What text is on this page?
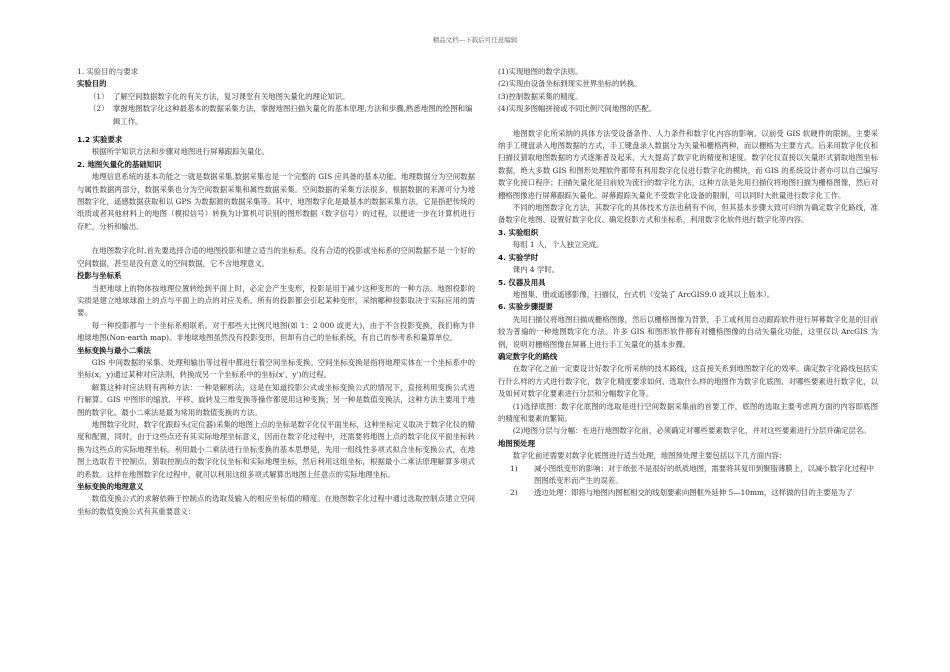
精品文档---下载后可任意编辑

1. 实验目的与要求

实验目的

（1） 了解空间数据数字化的有关方法，复习课堂有关地图矢量化的理论知识。
（2） 掌握地图数字化这种最基本的数据采集方法，掌握地图扫描矢量化的基本原理,方法和步骤,熟悉地图的绘图和编辑工作。

1.2 实验要求

根据所学知识方法和步骤对地图进行屏幕跟踪矢量化。

2. 地图矢量化的基础知识

地理信息系统的基本功能之一就是数据采集,数据采集也是一个完整的 GIS 应具备的基本功能。地理数据分为空间数据与属性数据两部分，数据采集也分为空间数据采集和属性数据采集。空间数据的采集方法很多，根据数据的来源可分为地图数字化，遥感数据获取和以 GPS 为数据源的数据采集等。其中，地图数字化是最基本的数据采集方法，它是指把传统的纸质或者其他材料上的地图（模拟信号）转换为计算机可识别的图形数据（数字信号）的过程，以便进一步在计算机进行存贮，分析和输出。

在地图数字化时,首先要选择合适的地图投影和建立适当的坐标系。没有合适的投影或坐标系的空间数据不是一个好的空间数据，甚至是没有意义的空间数据，它不含地理意义。

投影与坐标系

当把地球上的物体按地理位置转绘到平面上时，必定会产生变形，投影是用于减少这种变形的一种方法。地图投影的实质是建立地球球面上的点与平面上的点的对应关系。所有的投影都会引起某种变形，采纳哪种投影取决于实际应用的需要。

每一种投影都与一个坐标系相联系。对于那些大比例尺地图(如 1：2 000 或更大)，由于不含投影变换，我们称为非地球地图(Non-earth map)。非地球地图虽然没有投影变形，但却有自己的坐标系统，有自己的参考系和量算单位。

坐标变换与最小二乘法

GIS 中间数据的采集、处理和输出等过程中都进行着空间坐标变换。空间坐标变换是指将地理实体在一个坐标系中的坐标(x，y)通过某种对应法则，转换成另一个坐标系中的坐标(x'，y')的过程。

解算这种对应法则有两种方法：一种是解析法，这是在知道投影公式或坐标变换公式的情况下，直接利用变换公式进行解算。GIS 中图形的缩放、平移、旋转及三维变换等操作都使用这种变换；另一种是数值变换法，这种方法主要用于地图的数字化。最小二乘法是最为常用的数值变换的方法。

地图数字化时，数字化跟踪头(定位器)采集的地图上点的坐标是数字化仪平面坐标，这种坐标定义取决于数字化仪的精度和配置，同时，由于这些点还有其实际地理坐标意义，因而在数字化过程中，还需要将地图上点的数字化仪平面坐标转换为这些点的实际地理坐标。利用最小二乘法进行坐标变换的基本思想是，先用一组线性多项式拟合坐标变换公式，在地图上选取若干控制点，猜取控制点的数字化仪坐标和实际地理坐标，然后利用这组坐标，根据最小二乘法原理解算多项式的系数。这样在地图数字化过程中，就可以利用这组多项式解算出地图上任意点的实际地理坐标。

坐标变换的地理意义

数值变换公式的求解依赖于控制点的选取及输入的相应坐标值的精度。在地图数字化过程中通过选取控制点建立空间坐标的数值变换公式有其重要意义：

(1)实现地图的数学法则。

(2)实现由设备坐标到现实世界坐标的转换。

(3)控制数据采集的精度。

(4)实现多图幅拼接或不同比例尺间地图的匹配。

地图数字化所采纳的具体方法受设备条件、人力条件和数字化内容的影响。以前受 GIS 软硬件的限制，主要采纳手工键盘录入地图数据的方式，手工键盘录入数据分为矢量和栅格两种，而以栅格为主要方式。后来用数字化仪和扫描仪猜取地图数据的方式逐渐普及起来，大大提高了数字化的精度和速度。数字化仪直接以矢量形式猜取地图坐标数据，绝大多数 GIS 和图形处理软件都带有利用数字化仪进行数字化的模块，而 GIS 的系统设计者亦可以自己编写数字化接口程序；扫描矢量化是目前较为流行的数字化方法，这种方法是先用扫描仪将地图扫描为栅格图像，然后对栅格图像进行屏幕跟踪矢量化。屏幕跟踪矢量化不受数字化设备的限制，可以同时大批量进行数字化工作。

不同的地图数字化方法，其数字化的具体技术方法也稍有不向，但其基本步骤大致可归纳为确定数字化路线，准备数字化地图、设置好数字化仪、确定投影方式和坐标系，利用数字化软件进行数字化等内容。

3. 实验组织

每组 1 人，个人独立完成。

4. 实验学时

课内 4 学时。

5. 仪器及用具

地图集、册或遥感影像，扫描仪，台式机（安装了 ArcGIS9.0 或其以上版本）。

6. 实验步骤提要

先用扫描仪将地图扫描成栅格图像，然后以栅格图像为背景，手工或利用自动跟踪软件进行屏幕数字化是的目前较为普遍的一种地图数字化方法。许多 GIS 和图形软件都有对栅格图像的自动矢量化功能，这里仅以 ArcGIS 为例，说明对栅格图像在屏幕上进行手工矢量化的基本步骤。

确定数字化的路线

在数字化之前一定要设计好数字化所采纳的技术路线，这直接关系到地图数字化的效率。确定数字化路线包括实行什么样的方式进行数字化，数字化精度要求如何、选取什么样的地图作为数字化底图、对哪些要素进行数字化，以及如何对数字化要素进行分层和分幅数字化等。

(1)选择底图：数字化底图的选取是进行空间数据采集前的首要工作，底图的选取主要考虑两方面的内容即底图的精度和要素的繁简。

(2)地图分层与分幅：在进行地图数字化前，必须确定对哪些要素数字化，并对这些要素进行分层并确定层名。

地图预处理

数字化前还需要对数字化底图进行适当处理，地图预处理主要包括以下几方面内容：

1)	减小图纸变形的影响：对于纸张不是很好的纸质地图，需要将其复印到聚脂薄膜上，以减小数字化过程中图图纸变形而产生的误差。
2)	透边处理：即将与地图内图框相交的线划要素向图框外延伸 5—10mm，这样做的目的主要是为了
